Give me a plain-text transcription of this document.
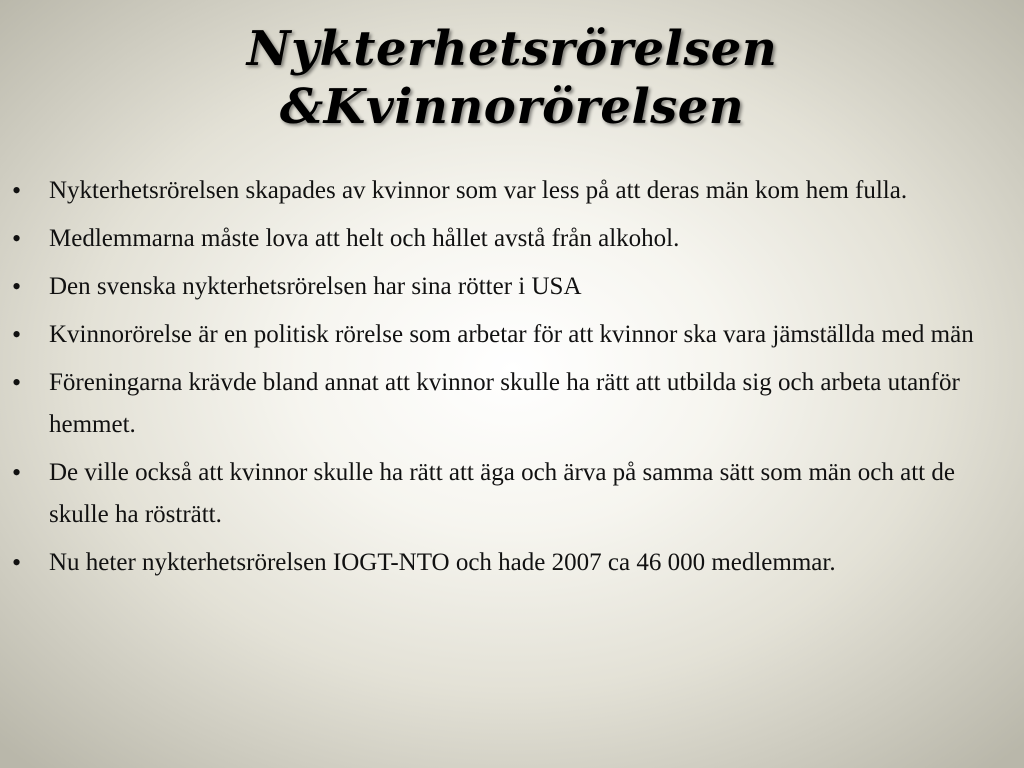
Nykterhetsrörelsen
&Kvinnorörelsen
• Nykterhetsrörelsen skapades av kvinnor som var less på att deras män kom hem fulla.
• Medlemmarna måste lova att helt och hållet avstå från alkohol.
• Den svenska nykterhetsrörelsen har sina rötter i USA
• Kvinnorörelse är en politisk rörelse som arbetar för att kvinnor ska vara jämställda med män
• Föreningarna krävde bland annat att kvinnor skulle ha rätt att utbilda sig och arbeta utanför hemmet.
• De ville också att kvinnor skulle ha rätt att äga och ärva på samma sätt som män och att de skulle ha rösträtt.
• Nu heter nykterhetsrörelsen IOGT-NTO och hade 2007 ca 46 000 medlemmar.
